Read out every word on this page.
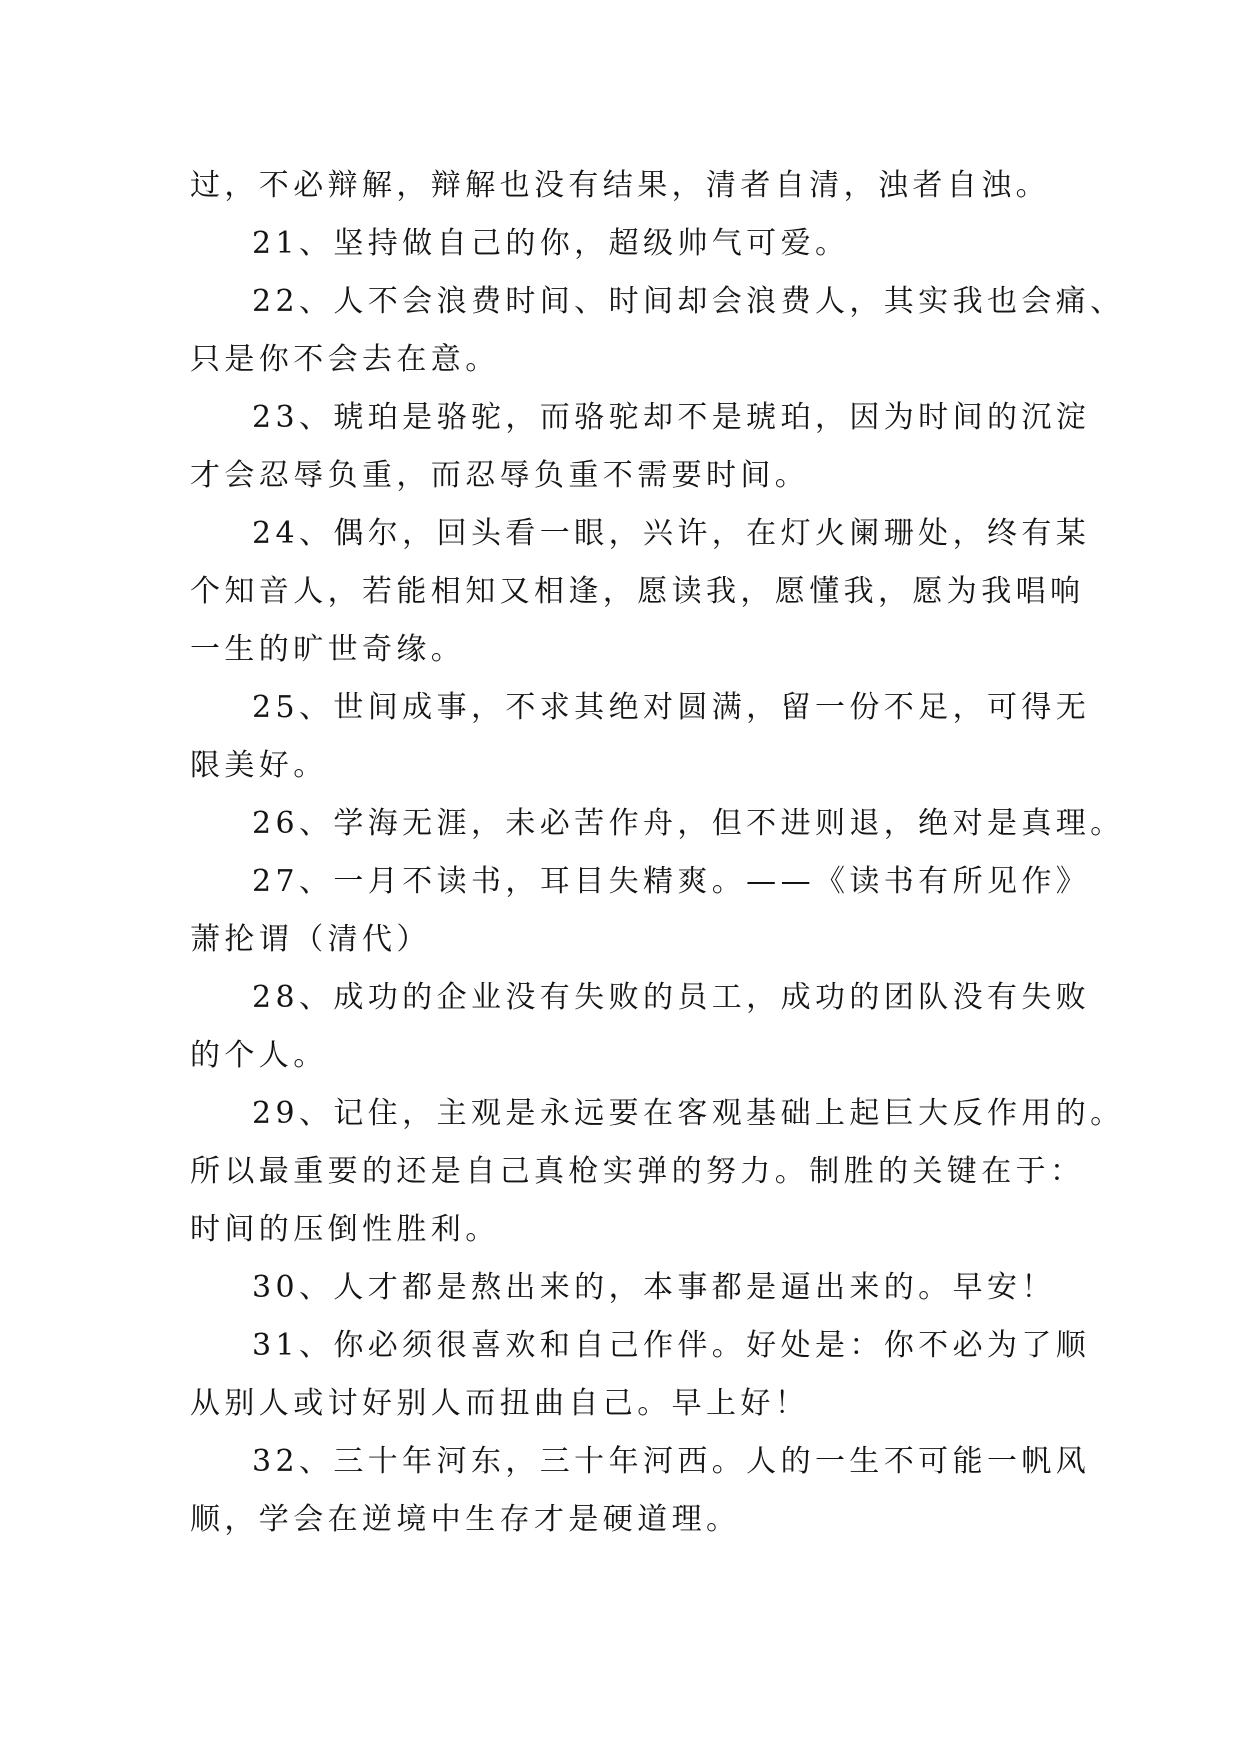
过，不必辩解，辩解也没有结果，清者自清，浊者自浊。
21、坚持做自己的你，超级帅气可爱。
22、人不会浪费时间、时间却会浪费人，其实我也会痛、
只是你不会去在意。
23、琥珀是骆驼，而骆驼却不是琥珀，因为时间的沉淀
才会忍辱负重，而忍辱负重不需要时间。
24、偶尔，回头看一眼，兴许，在灯火阑珊处，终有某
个知音人，若能相知又相逢，愿读我，愿懂我，愿为我唱响
一生的旷世奇缘。
25、世间成事，不求其绝对圆满，留一份不足，可得无
限美好。
26、学海无涯，未必苦作舟，但不进则退，绝对是真理。
27、一月不读书，耳目失精爽。——《读书有所见作》
萧抡谓（清代）
28、成功的企业没有失败的员工，成功的团队没有失败
的个人。
29、记住，主观是永远要在客观基础上起巨大反作用的。
所以最重要的还是自己真枪实弹的努力。制胜的关键在于：
时间的压倒性胜利。
30、人才都是熬出来的，本事都是逼出来的。早安！
31、你必须很喜欢和自己作伴。好处是：你不必为了顺
从别人或讨好别人而扭曲自己。早上好！
32、三十年河东，三十年河西。人的一生不可能一帆风
顺，学会在逆境中生存才是硬道理。
